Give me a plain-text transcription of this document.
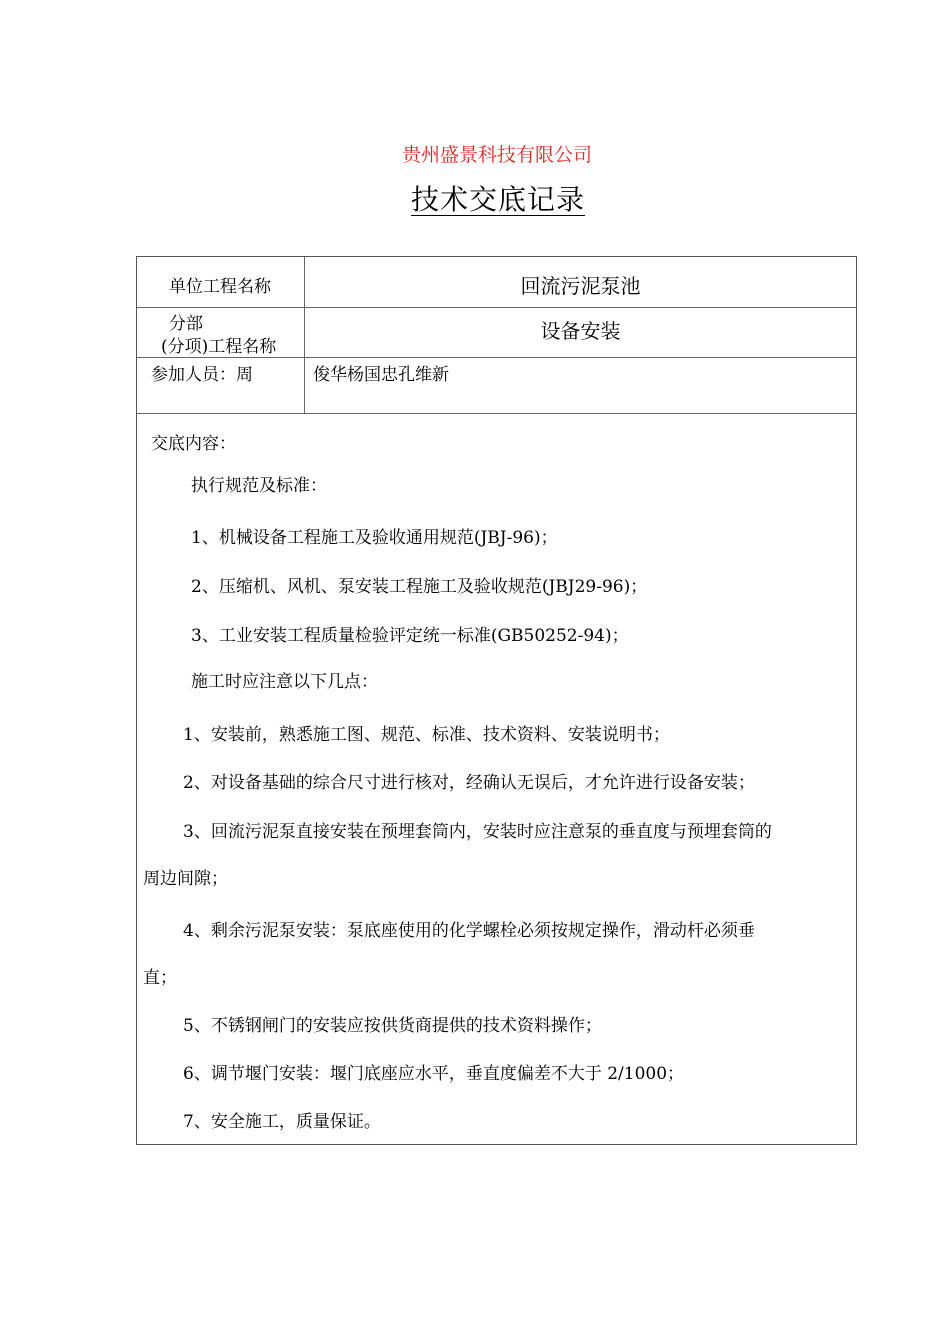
贵州盛景科技有限公司
技术交底记录
单位工程名称	回流污泥泵池
分部
(分项)工程名称
设备安装
参加人员：周	俊华杨国忠孔维新
交底内容：
执行规范及标准：
1、机械设备工程施工及验收通用规范(JBJ-96)；
2、压缩机、风机、泵安装工程施工及验收规范(JBJ29-96)；
3、工业安装工程质量检验评定统一标准(GB50252-94)；
施工时应注意以下几点：
1、安装前，熟悉施工图、规范、标准、技术资料、安装说明书；
2、对设备基础的综合尺寸进行核对，经确认无误后，才允许进行设备安装；
3、回流污泥泵直接安装在预埋套筒内，安装时应注意泵的垂直度与预埋套筒的
周边间隙；
4、剩余污泥泵安装：泵底座使用的化学螺栓必须按规定操作，滑动杆必须垂
直；
5、不锈钢闸门的安装应按供货商提供的技术资料操作；
6、调节堰门安装：堰门底座应水平，垂直度偏差不大于 2/1000；
7、安全施工，质量保证。
